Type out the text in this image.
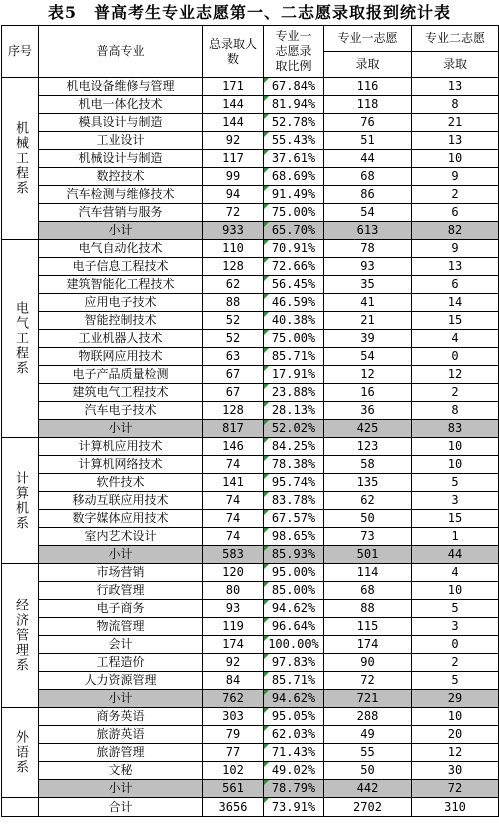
表5　普高考生专业志愿第一、二志愿录取报到统计表
序号	普高专业	总录取人数	专业一志愿录取比例	专业一志愿	专业二志愿
				录取	录取

机械工程系	机电设备维修与管理	171	67.84%	116	13
	机电一体化技术	144	81.94%	118	8
	模具设计与制造	144	52.78%	76	21
	工业设计	92	55.43%	51	13
	机械设计与制造	117	37.61%	44	10
	数控技术	99	68.69%	68	9
	汽车检测与维修技术	94	91.49%	86	2
	汽车营销与服务	72	75.00%	54	6
	小计	933	65.70%	613	82

电气工程系	电气自动化技术	110	70.91%	78	9
	电子信息工程技术	128	72.66%	93	13
	建筑智能化工程技术	62	56.45%	35	6
	应用电子技术	88	46.59%	41	14
	智能控制技术	52	40.38%	21	15
	工业机器人技术	52	75.00%	39	4
	物联网应用技术	63	85.71%	54	0
	电子产品质量检测	67	17.91%	12	12
	建筑电气工程技术	67	23.88%	16	2
	汽车电子技术	128	28.13%	36	8
	小计	817	52.02%	425	83

计算机系	计算机应用技术	146	84.25%	123	10
	计算机网络技术	74	78.38%	58	10
	软件技术	141	95.74%	135	5
	移动互联应用技术	74	83.78%	62	3
	数字媒体应用技术	74	67.57%	50	15
	室内艺术设计	74	98.65%	73	1
	小计	583	85.93%	501	44

经济管理系	市场营销	120	95.00%	114	4
	行政管理	80	85.00%	68	10
	电子商务	93	94.62%	88	5
	物流管理	119	96.64%	115	3
	会计	174	100.00%	174	0
	工程造价	92	97.83%	90	2
	人力资源管理	84	85.71%	72	5
	小计	762	94.62%	721	29

外语系	商务英语	303	95.05%	288	10
	旅游英语	79	62.03%	49	20
	旅游管理	77	71.43%	55	12
	文秘	102	49.02%	50	30
	小计	561	78.79%	442	72
	合计	3656	73.91%	2702	310
